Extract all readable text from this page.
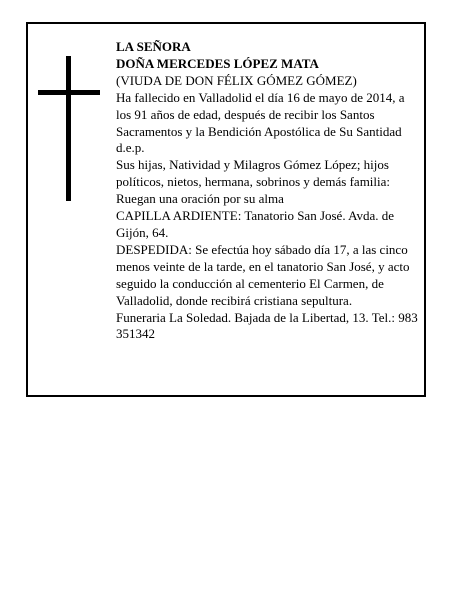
LA SEÑORA

DOÑA MERCEDES LÓPEZ MATA

(VIUDA DE DON FÉLIX GÓMEZ GÓMEZ)

Ha fallecido en Valladolid el día 16 de mayo de 2014, a los 91 años de edad, después de recibir los Santos Sacramentos y la Bendición Apostólica de Su Santidad

d.e.p.

Sus hijas, Natividad y Milagros Gómez López; hijos políticos, nietos, hermana, sobrinos y demás familia:

Ruegan una oración por su alma

CAPILLA ARDIENTE: Tanatorio San José. Avda. de Gijón, 64.

DESPEDIDA: Se efectúa hoy sábado día 17, a las cinco menos veinte de la tarde, en el tanatorio San José, y acto seguido la conducción al cementerio El Carmen, de Valladolid, donde recibirá cristiana sepultura.

Funeraria La Soledad. Bajada de la Libertad, 13. Tel.: 983 351342
